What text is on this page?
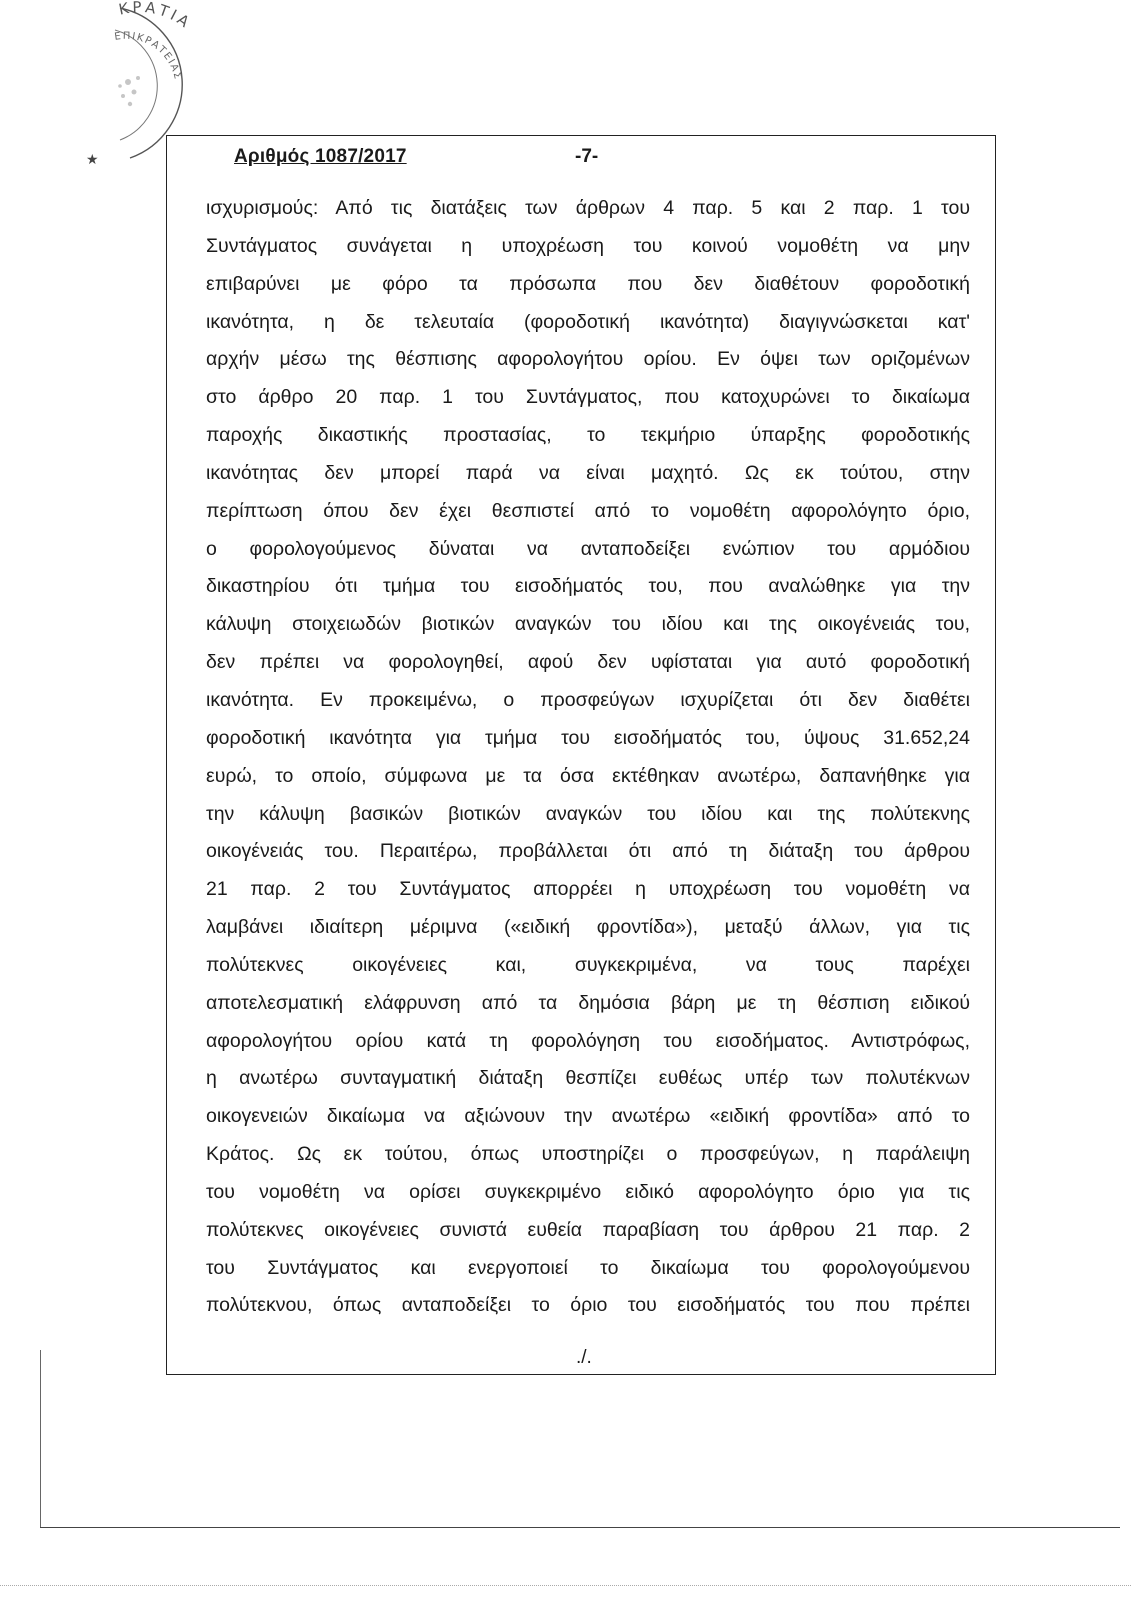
ΚΡΑΤΙΑ
ΕΠΙΚΡΑΤΕΙΑΣ
★	Αριθμός 1087/2017	-7-
ισχυρισμούς: Από τις διατάξεις των άρθρων 4 παρ. 5 και 2 παρ. 1 του
Συντάγματος συνάγεται η υποχρέωση του κοινού νομοθέτη να μην
επιβαρύνει με φόρο τα πρόσωπα που δεν διαθέτουν φοροδοτική
ικανότητα, η δε τελευταία (φοροδοτική ικανότητα) διαγιγνώσκεται κατ'
αρχήν μέσω της θέσπισης αφορολογήτου ορίου. Εν όψει των οριζομένων
στο άρθρο 20 παρ. 1 του Συντάγματος, που κατοχυρώνει το δικαίωμα
παροχής δικαστικής προστασίας, το τεκμήριο ύπαρξης φοροδοτικής
ικανότητας δεν μπορεί παρά να είναι μαχητό. Ως εκ τούτου, στην
περίπτωση όπου δεν έχει θεσπιστεί από το νομοθέτη αφορολόγητο όριο,
ο φορολογούμενος δύναται να ανταποδείξει ενώπιον του αρμόδιου
δικαστηρίου ότι τμήμα του εισοδήματός του, που αναλώθηκε για την
κάλυψη στοιχειωδών βιοτικών αναγκών του ιδίου και της οικογένειάς του,
δεν πρέπει να φορολογηθεί, αφού δεν υφίσταται για αυτό φοροδοτική
ικανότητα. Εν προκειμένω, ο προσφεύγων ισχυρίζεται ότι δεν διαθέτει
φοροδοτική ικανότητα για τμήμα του εισοδήματός του, ύψους 31.652,24
ευρώ, το οποίο, σύμφωνα με τα όσα εκτέθηκαν ανωτέρω, δαπανήθηκε για
την κάλυψη βασικών βιοτικών αναγκών του ιδίου και της πολύτεκνης
οικογένειάς του. Περαιτέρω, προβάλλεται ότι από τη διάταξη του άρθρου
21 παρ. 2 του Συντάγματος απορρέει η υποχρέωση του νομοθέτη να
λαμβάνει ιδιαίτερη μέριμνα («ειδική φροντίδα»), μεταξύ άλλων, για τις
πολύτεκνες οικογένειες και, συγκεκριμένα, να τους παρέχει
αποτελεσματική ελάφρυνση από τα δημόσια βάρη με τη θέσπιση ειδικού
αφορολογήτου ορίου κατά τη φορολόγηση του εισοδήματος. Αντιστρόφως,
η ανωτέρω συνταγματική διάταξη θεσπίζει ευθέως υπέρ των πολυτέκνων
οικογενειών δικαίωμα να αξιώνουν την ανωτέρω «ειδική φροντίδα» από το
Κράτος. Ως εκ τούτου, όπως υποστηρίζει ο προσφεύγων, η παράλειψη
του νομοθέτη να ορίσει συγκεκριμένο ειδικό αφορολόγητο όριο για τις
πολύτεκνες οικογένειες συνιστά ευθεία παραβίαση του άρθρου 21 παρ. 2
του Συντάγματος και ενεργοποιεί το δικαίωμα του φορολογούμενου
πολύτεκνου, όπως ανταποδείξει το όριο του εισοδήματός του που πρέπει
./.
